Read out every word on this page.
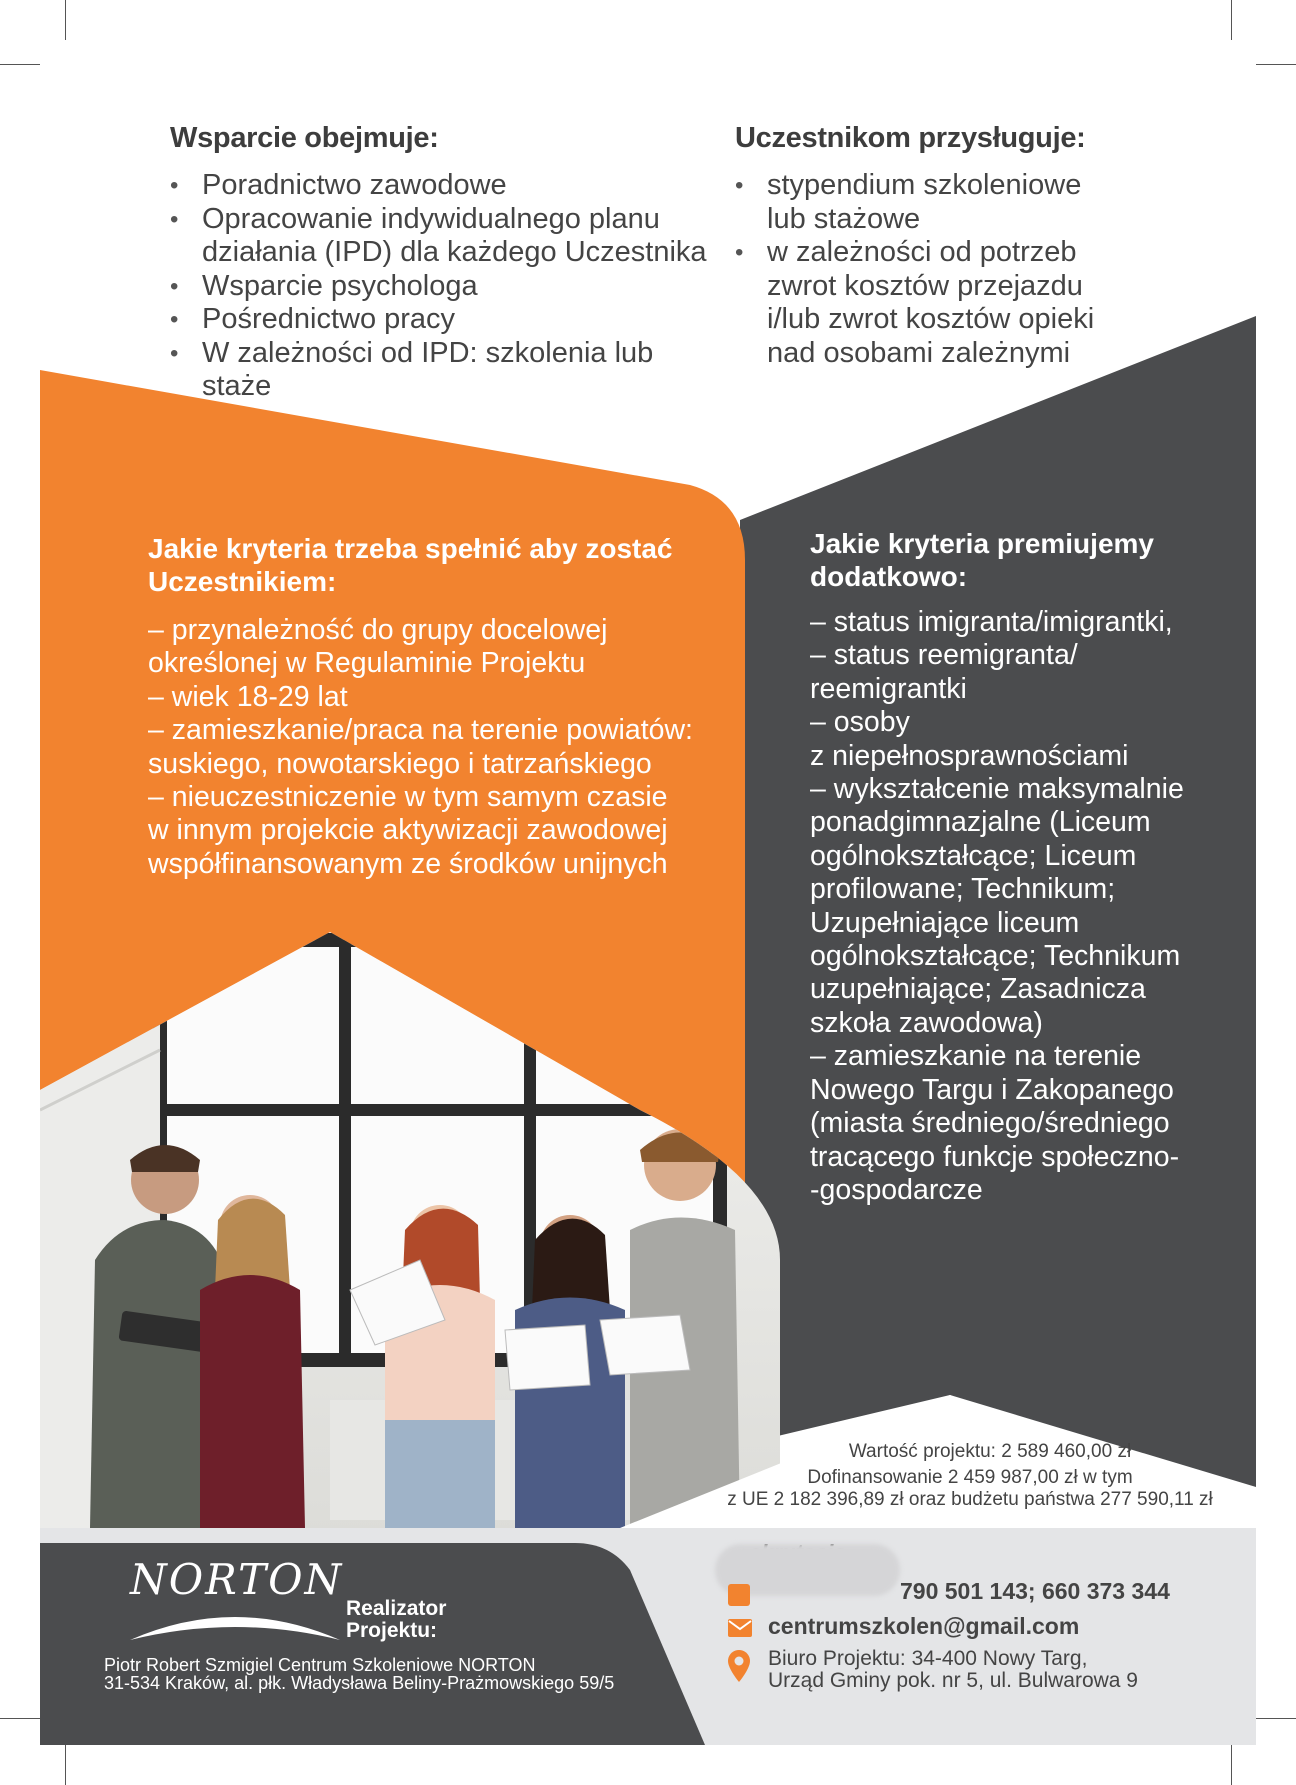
Wsparcie obejmuje:
• Poradnictwo zawodowe
• Opracowanie indywidualnego planu działania (IPD) dla każdego Uczestnika
• Wsparcie psychologa
• Pośrednictwo pracy
• W zależności od IPD: szkolenia lub staże
Uczestnikom przysługuje:
• stypendium szkoleniowe lub stażowe
• w zależności od potrzeb zwrot kosztów przejazdu i/lub zwrot kosztów opieki nad osobami zależnymi
Jakie kryteria trzeba spełnić aby zostać
Uczestnikiem:
– przynależność do grupy docelowej
określonej w Regulaminie Projektu
– wiek 18-29 lat
– zamieszkanie/praca na terenie powiatów:
suskiego, nowotarskiego i tatrzańskiego
– nieuczestniczenie w tym samym czasie
w innym projekcie aktywizacji zawodowej
współfinansowanym ze środków unijnych
Jakie kryteria premiujemy
dodatkowo:
– status imigranta/imigrantki,
– status reemigranta/
reemigrantki
– osoby
z niepełnosprawnościami
– wykształcenie maksymalnie
ponadgimnazjalne (Liceum
ogólnokształcące; Liceum
profilowane; Technikum;
Uzupełniające liceum
ogólnokształcące; Technikum
uzupełniające; Zasadnicza
szkoła zawodowa)
– zamieszkanie na terenie
Nowego Targu i Zakopanego
(miasta średniego/średniego
tracącego funkcje społeczno-
-gospodarcze
Wartość projektu: 2 589 460,00 zł
Dofinansowanie 2 459 987,00 zł w tym
z UE 2 182 396,89 zł oraz budżetu państwa 277 590,11 zł
NORTON
Realizator
Projektu:
Piotr Robert Szmigiel Centrum Szkoleniowe NORTON
31-534 Kraków, al. płk. Władysława Beliny-Prażmowskiego 59/5
790 501 143; 660 373 344
centrumszkolen@gmail.com
Biuro Projektu: 34-400 Nowy Targ,
Urząd Gminy pok. nr 5, ul. Bulwarowa 9
